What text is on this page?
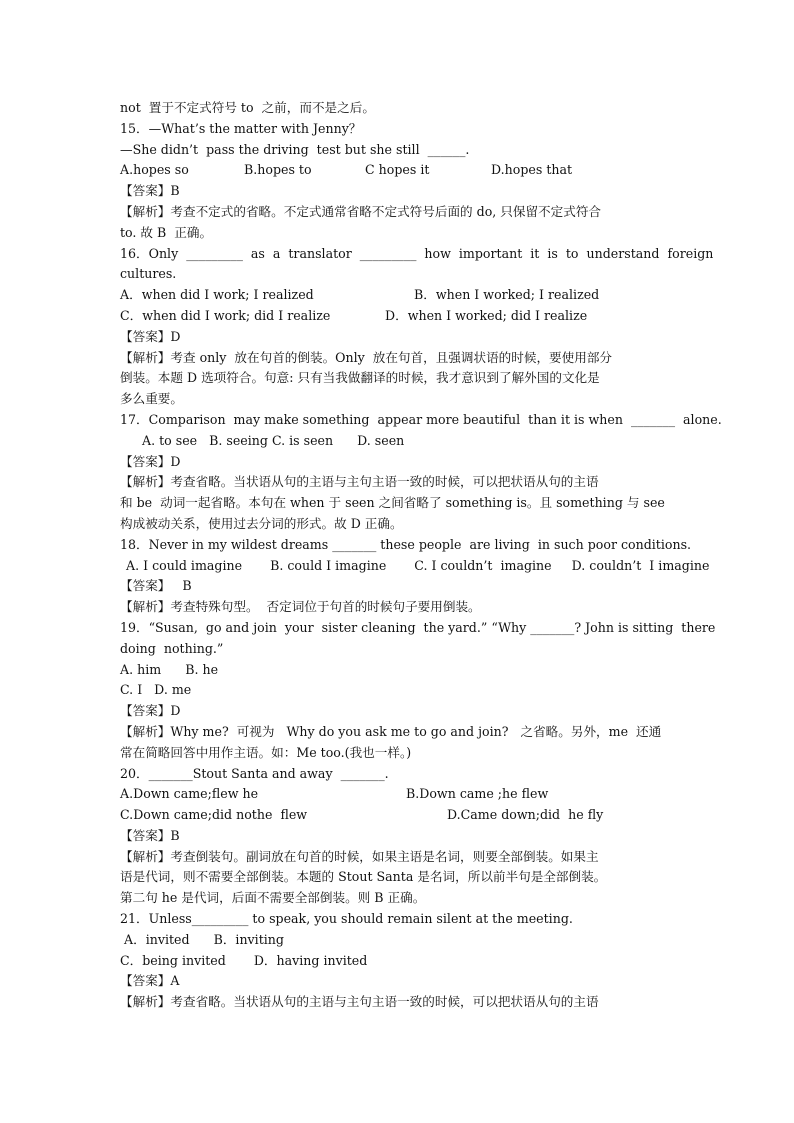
not  置于不定式符号 to  之前，而不是之后。
15．—What’s the matter with Jenny？
—She didn’t  pass the driving  test but she still  ______.

A.hopes so

	B.hopes to

	C hopes it

	D.hopes that

【答案】B
【解析】考查不定式的省略。不定式通常省略不定式符号后面的 do, 只保留不定式符合
to. 故 B  正确。
16．Only  _________  as  a  translator  _________  how  important  it  is  to  understand  foreign
cultures.

A．when did I work; I realized

	B．when I worked; I realized

C．when did I work; did I realize

	D．when I worked; did I realize

【答案】D
【解析】考查 only  放在句首的倒装。Only  放在句首，且强调状语的时候，要使用部分
倒装。本题 D 选项符合。句意: 只有当我做翻译的时候，我才意识到了解外国的文化是
多么重要。
17．Comparison  may make something  appear more beautiful  than it is when  _______  alone.
A. to see   B. seeing C. is seen      D. seen
【答案】D
【解析】考查省略。当状语从句的主语与主句主语一致的时候，可以把状语从句的主语
和 be  动词一起省略。本句在 when 于 seen 之间省略了 something is。且 something 与 see
构成被动关系，使用过去分词的形式。故 D 正确。
18．Never in my wildest dreams _______ these people  are living  in such poor conditions.
A. I could imagine       B. could I imagine       C. I couldn’t  imagine     D. couldn’t  I imagine
【答案】   B
【解析】考查特殊句型。  否定词位于句首的时候句子要用倒装。
19．“Susan,  go and join  your  sister cleaning  the yard.” “Why _______? John is sitting  there
doing  nothing.”
A. him      B. he
C. I   D. me
【答案】D
【解析】Why me?  可视为   Why do you ask me to go and join?   之省略。另外，me  还通
常在简略回答中用作主语。如：Me too.(我也一样。)
20．_______Stout Santa and away  _______.

A.Down came;flew he

	B.Down came ;he flew

C.Down came;did nothe  flew

	D.Came down;did  he fly

【答案】B
【解析】考查倒装句。副词放在句首的时候，如果主语是名词，则要全部倒装。如果主
语是代词，则不需要全部倒装。本题的 Stout Santa 是名词，所以前半句是全部倒装。
第二句 he 是代词，后面不需要全部倒装。则 B 正确。
21．Unless_________ to speak, you should remain silent at the meeting.
A．invited      B．inviting
C．being invited       D．having invited
【答案】A
【解析】考查省略。当状语从句的主语与主句主语一致的时候，可以把状语从句的主语
